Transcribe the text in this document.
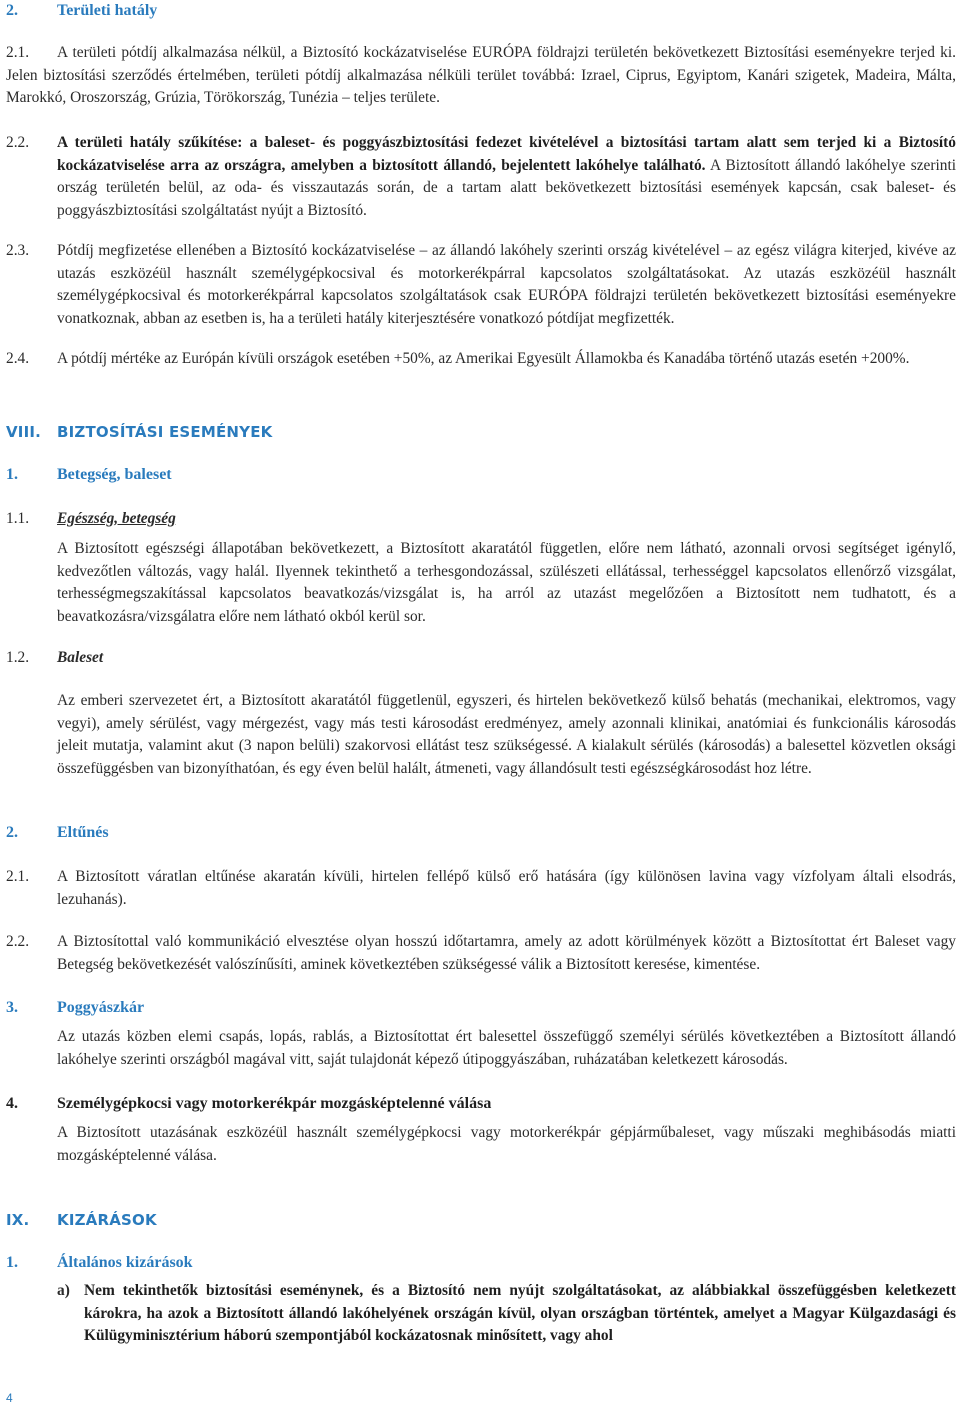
2. Területi hatály
2.1.	A területi pótdíj alkalmazása nélkül, a Biztosító kockázatviselése EURÓPA földrajzi területén bekövetkezett Biztosítási eseményekre terjed ki. Jelen biztosítási szerződés értelmében, területi pótdíj alkalmazása nélküli terület továbbá: Izrael, Ciprus, Egyiptom, Kanári szigetek, Madeira, Málta, Marokkó, Oroszország, Grúzia, Törökország, Tunézia – teljes területe.
2.2. A területi hatály szűkítése: a baleset- és poggyászbiztosítási fedezet kivételével a biztosítási tartam alatt sem terjed ki a Biztosító kockázatviselése arra az országra, amelyben a biztosított állandó, bejelentett lakóhelye található. A Biztosított állandó lakóhelye szerinti ország területén belül, az oda- és visszautazás során, de a tartam alatt bekövetkezett biztosítási események kapcsán, csak baleset- és poggyászbiztosítási szolgáltatást nyújt a Biztosító.
2.3. Pótdíj megfizetése ellenében a Biztosító kockázatviselése – az állandó lakóhely szerinti ország kivételével – az egész világra kiterjed, kivéve az utazás eszközéül használt személygépkocsival és motorkerékpárral kapcsolatos szolgáltatásokat. Az utazás eszközéül használt személygépkocsival és motorkerékpárral kapcsolatos szolgáltatások csak EURÓPA földrajzi területén bekövetkezett biztosítási eseményekre vonatkoznak, abban az esetben is, ha a területi hatály kiterjesztésére vonatkozó pótdíjat megfizették.
2.4. A pótdíj mértéke az Európán kívüli országok esetében +50%, az Amerikai Egyesült Államokba és Kanadába történő utazás esetén +200%.
VIII. BIZTOSÍTÁSI ESEMÉNYEK
1. Betegség, baleset
1.1. Egészség, betegség
A Biztosított egészségi állapotában bekövetkezett, a Biztosított akaratától független, előre nem látható, azonnali orvosi segítséget igénylő, kedvezőtlen változás, vagy halál. Ilyennek tekinthető a terhesgondozással, szülészeti ellátással, terhességgel kapcsolatos ellenőrző vizsgálat, terhességmegszakítással kapcsolatos beavatkozás/vizsgálat is, ha arról az utazást megelőzően a Biztosított nem tudhatott, és a beavatkozásra/vizsgálatra előre nem látható okból kerül sor.
1.2. Baleset
Az emberi szervezetet ért, a Biztosított akaratától függetlenül, egyszeri, és hirtelen bekövetkező külső behatás (mechanikai, elektromos, vagy vegyi), amely sérülést, vagy mérgezést, vagy más testi károsodást eredményez, amely azonnali klinikai, anatómiai és funkcionális károsodás jeleit mutatja, valamint akut (3 napon belüli) szakorvosi ellátást tesz szükségessé. A kialakult sérülés (károsodás) a balesettel közvetlen oksági összefüggésben van bizonyíthatóan, és egy éven belül halált, átmeneti, vagy állandósult testi egészségkárosodást hoz létre.
2. Eltűnés
2.1. A Biztosított váratlan eltűnése akaratán kívüli, hirtelen fellépő külső erő hatására (így különösen lavina vagy vízfolyam általi elsodrás, lezuhanás).
2.2. A Biztosítottal való kommunikáció elvesztése olyan hosszú időtartamra, amely az adott körülmények között a Biztosítottat ért Baleset vagy Betegség bekövetkezését valószínűsíti, aminek következtében szükségessé válik a Biztosított keresése, kimentése.
3. Poggyászkár
Az utazás közben elemi csapás, lopás, rablás, a Biztosítottat ért balesettel összefüggő személyi sérülés következtében a Biztosított állandó lakóhelye szerinti országból magával vitt, saját tulajdonát képező útipoggyászában, ruházatában keletkezett károsodás.
4. Személygépkocsi vagy motorkerékpár mozgásképtelenné válása
A Biztosított utazásának eszközéül használt személygépkocsi vagy motorkerékpár gépjárműbaleset, vagy műszaki meghibásodás miatti mozgásképtelenné válása.
IX. KIZÁRÁSOK
1. Általános kizárások
a) Nem tekinthetők biztosítási eseménynek, és a Biztosító nem nyújt szolgáltatásokat, az alábbiakkal összefüggésben keletkezett károkra, ha azok a Biztosított állandó lakóhelyének országán kívül, olyan országban történtek, amelyet a Magyar Külgazdasági és Külügyminisztérium háború szempontjából kockázatosnak minősített, vagy ahol
4
